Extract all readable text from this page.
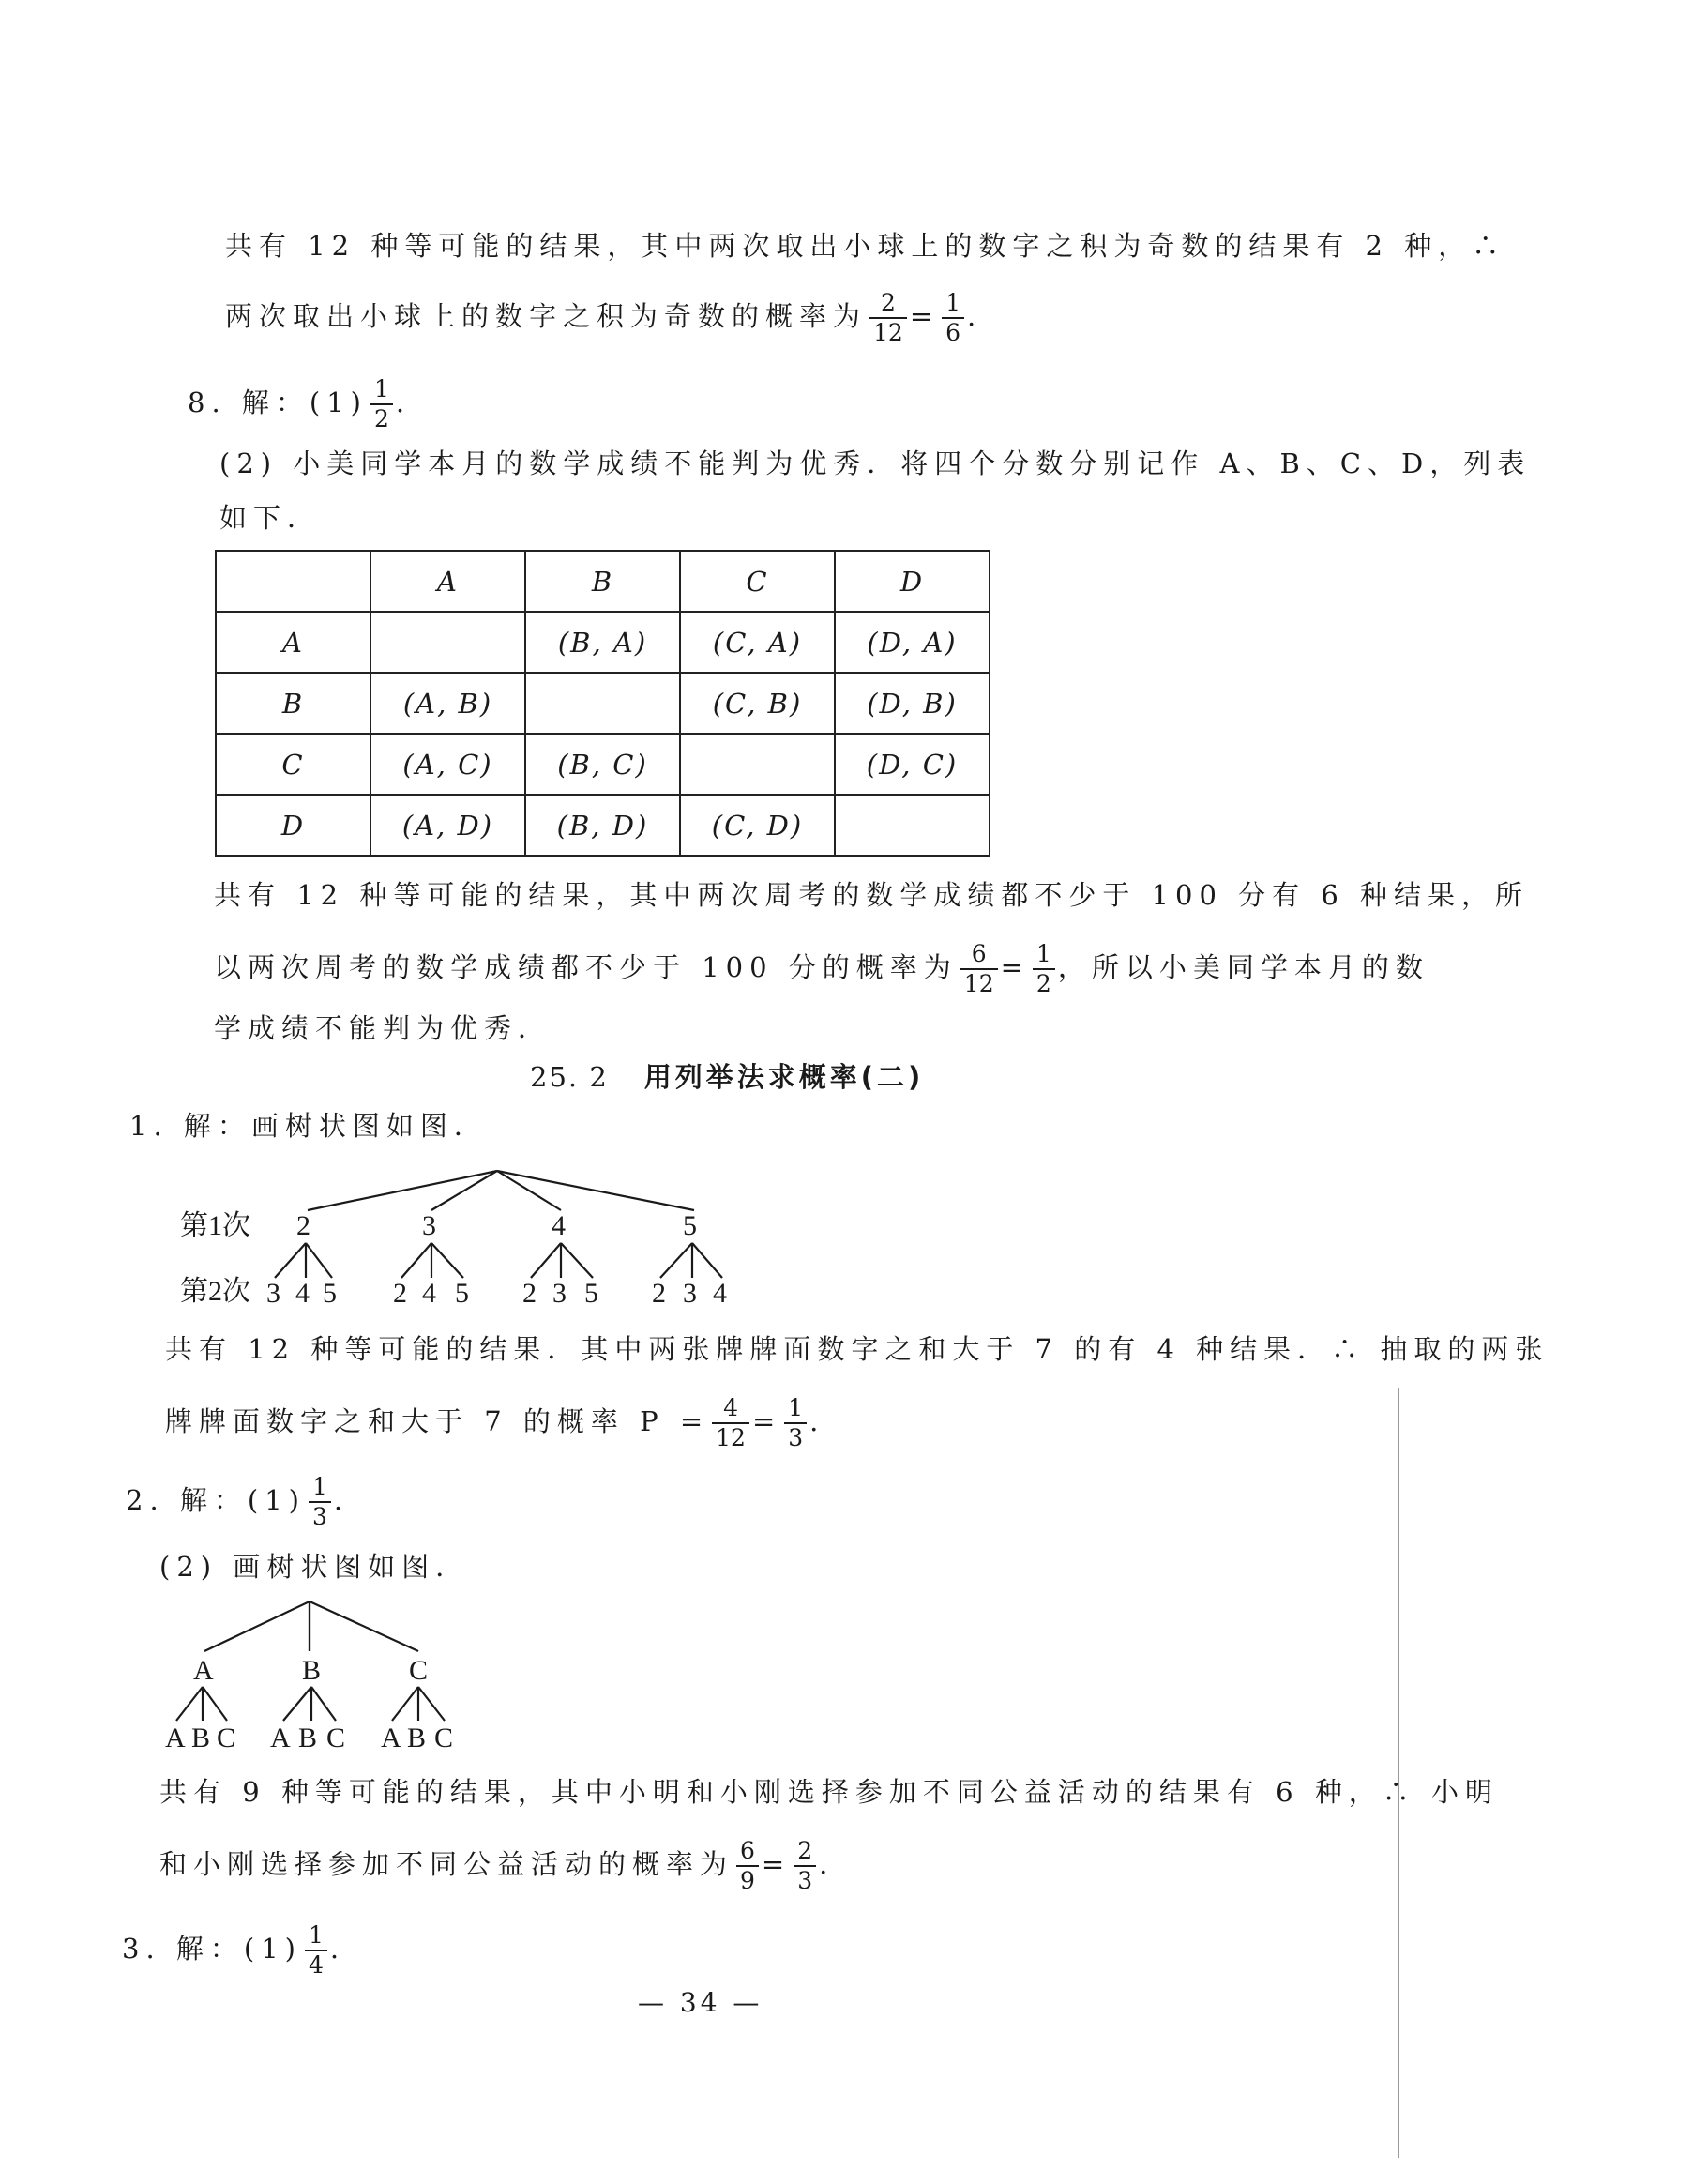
共有 12 种等可能的结果，其中两次取出小球上的数字之积为奇数的结果有 2 种，∴
两次取出小球上的数字之积为奇数的概率为 $\frac{2}{12} = \frac{1}{6}$ .
8. 解：$(1) \frac{1}{2}$ .
(2) 小美同学本月的数学成绩不能判为优秀．将四个分数分别记作 A、B、C、D，列表
如下．
	A	B	C	D
A		(B, A)	(C, A)	(D, A)
B	(A, B)		(C, B)	(D, B)
C	(A, C)	(B, C)		(D, C)
D	(A, D)	(B, D)	(C, D)	
共有 12 种等可能的结果，其中两次周考的数学成绩都不少于 100 分有 6 种结果，所
以两次周考的数学成绩都不少于 100 分的概率为 $\frac{6}{12} = \frac{1}{2}$ ，所以小美同学本月的数
学成绩不能判为优秀．
25. 2 用列举法求概率(二)
1. 解：画树状图如图．
第1次
第2次
2	3	4	5
3 4 5 2 4 5 2 3 5 2 3 4
A	B	C
A B C A B C A B C
共有 12 种等可能的结果．其中两张牌牌面数字之和大于 7 的有 4 种结果．∴ 抽取的两张
牌牌面数字之和大于 7 的概率 $P = \frac{4}{12} = \frac{1}{3}$ .
2. 解：$(1) \frac{1}{3}$ .
(2) 画树状图如图．
共有 9 种等可能的结果，其中小明和小刚选择参加不同公益活动的结果有 6 种，∴ 小明
和小刚选择参加不同公益活动的概率为 $\frac{6}{9} = \frac{2}{3}$ .
3. 解：$(1) \frac{1}{4}$ .
— 34 —
